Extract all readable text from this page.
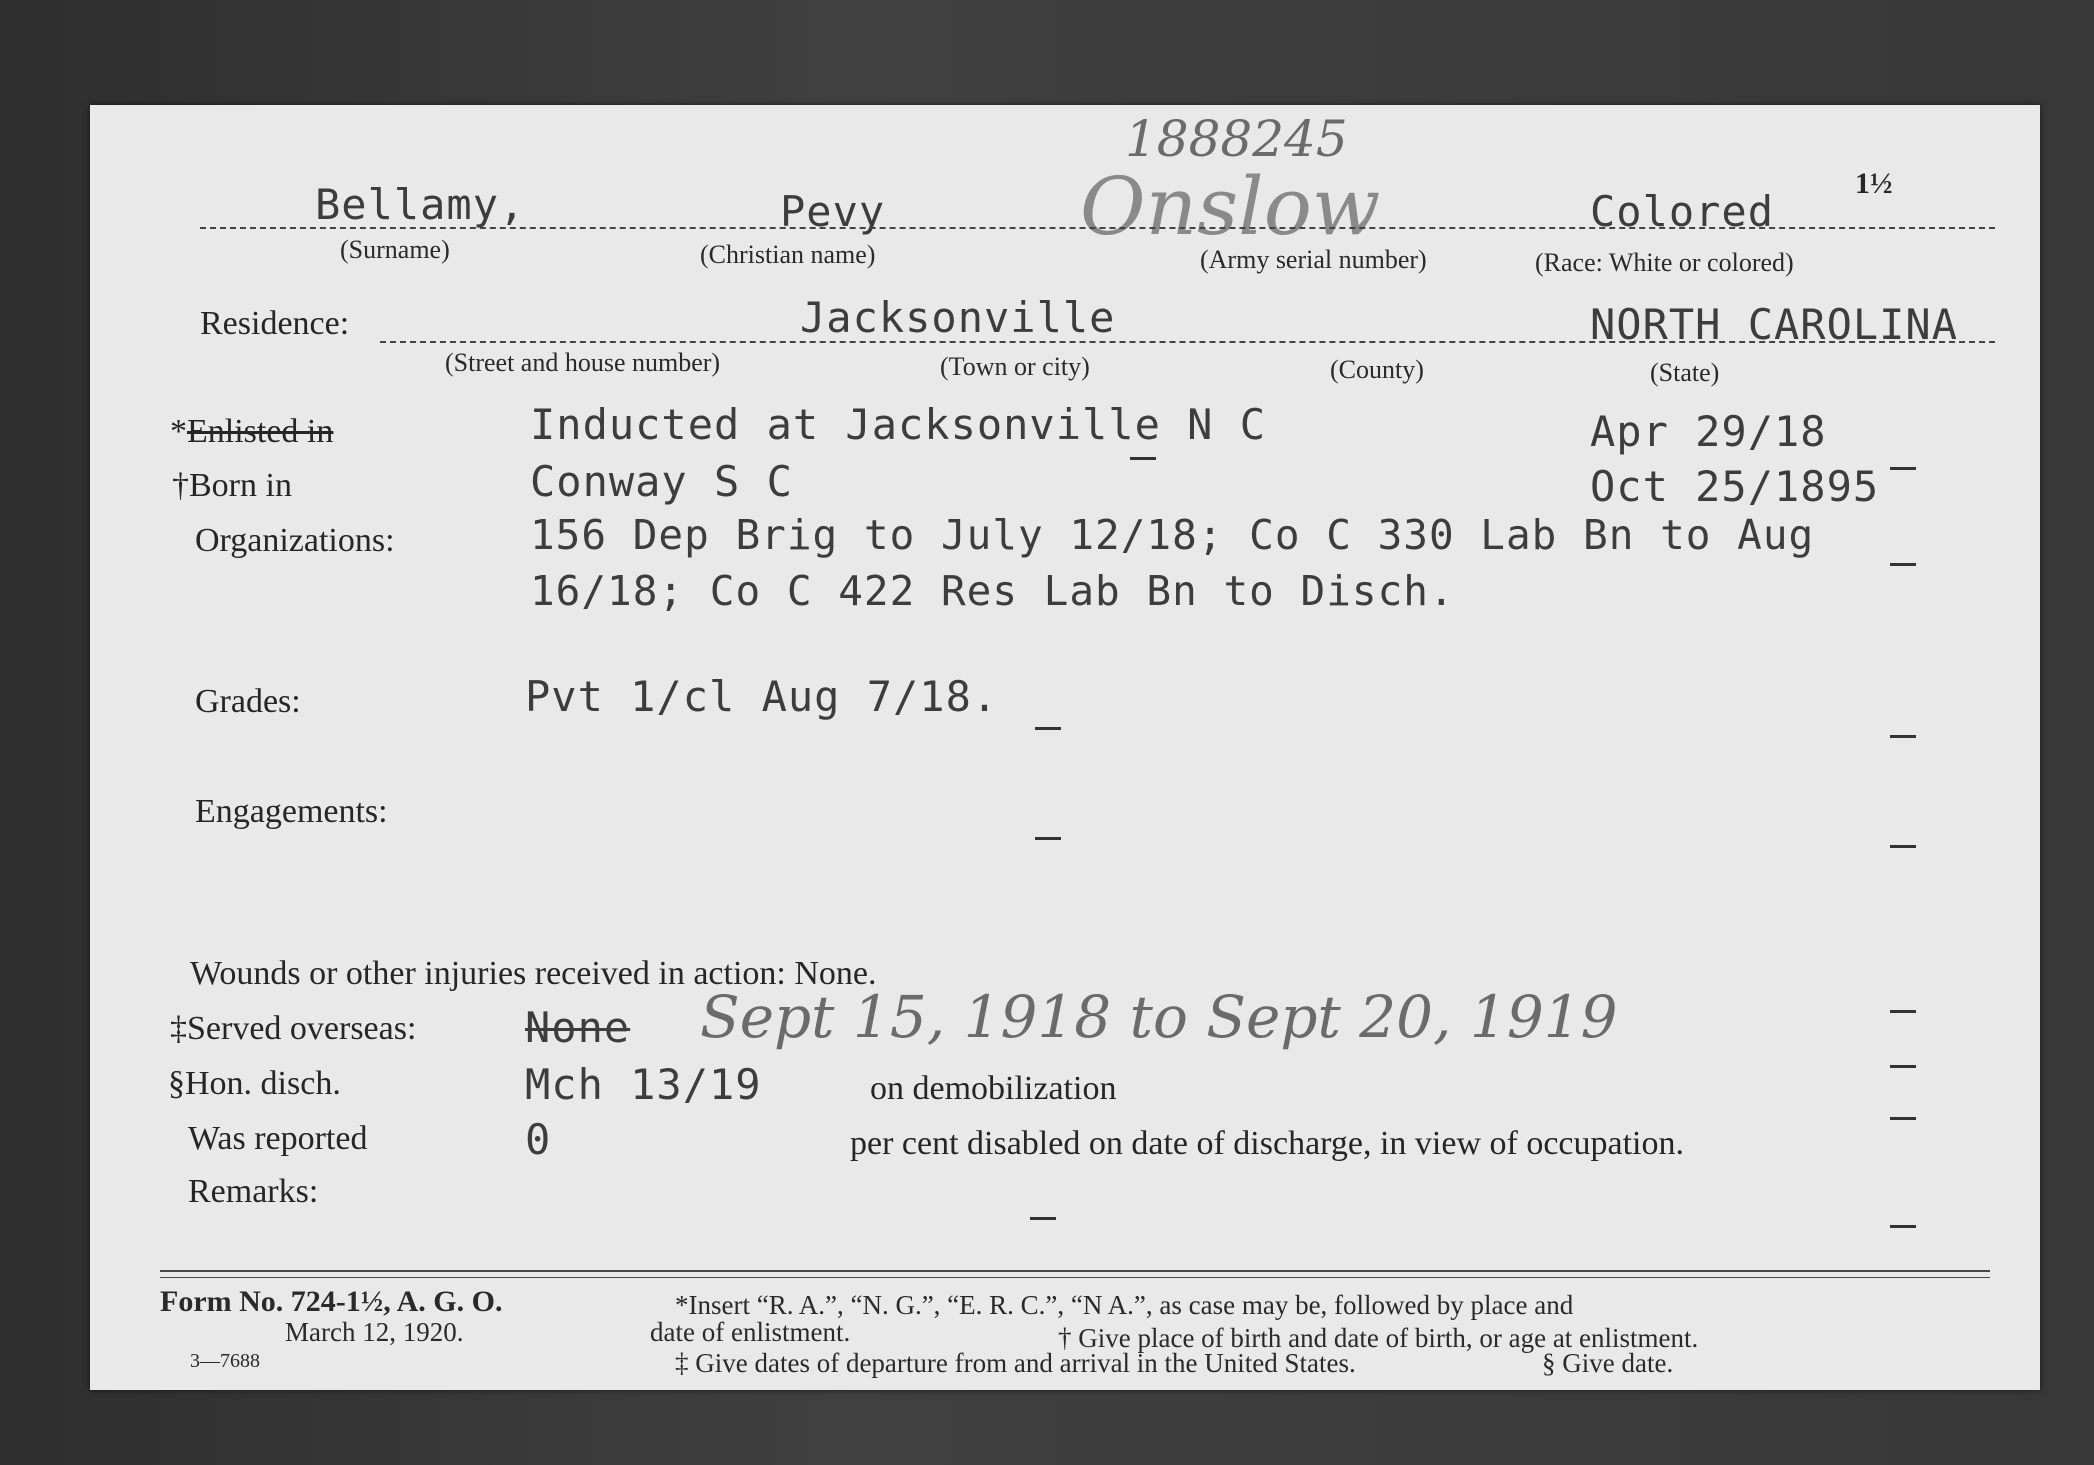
1888245
Onslow	1½
Bellamy,	Pevy	Colored
(Surname)	(Christian name)	(Army serial number)	(Race: White or colored)
Residence:	Jacksonville	NORTH CAROLINA
(Street and house number)	(Town or city)	(County)	(State)
*Enlisted in	Inducted at Jacksonville N C	Apr 29/18
†Born in	Conway S C	Oct 25/1895
Organizations:	156 Dep Brig to July 12/18; Co C 330 Lab Bn to Aug
16/18; Co C 422 Res Lab Bn to Disch.
Grades:	Pvt 1/cl Aug 7/18.
Engagements:
Wounds or other injuries received in action: None.
‡Served overseas:	None Sept 15, 1918 to Sept 20, 1919
§Hon. disch.	Mch 13/19	on demobilization
Was reported	0	per cent disabled on date of discharge, in view of occupation.
Remarks:
Form No. 724-1½, A. G. O.
March 12, 1920.
3—7688
*Insert “R. A.”, “N. G.”, “E. R. C.”, “N A.”, as case may be, followed by place and
date of enlistment.	† Give place of birth and date of birth, or age at enlistment.
‡ Give dates of departure from and arrival in the United States.	§ Give date.
